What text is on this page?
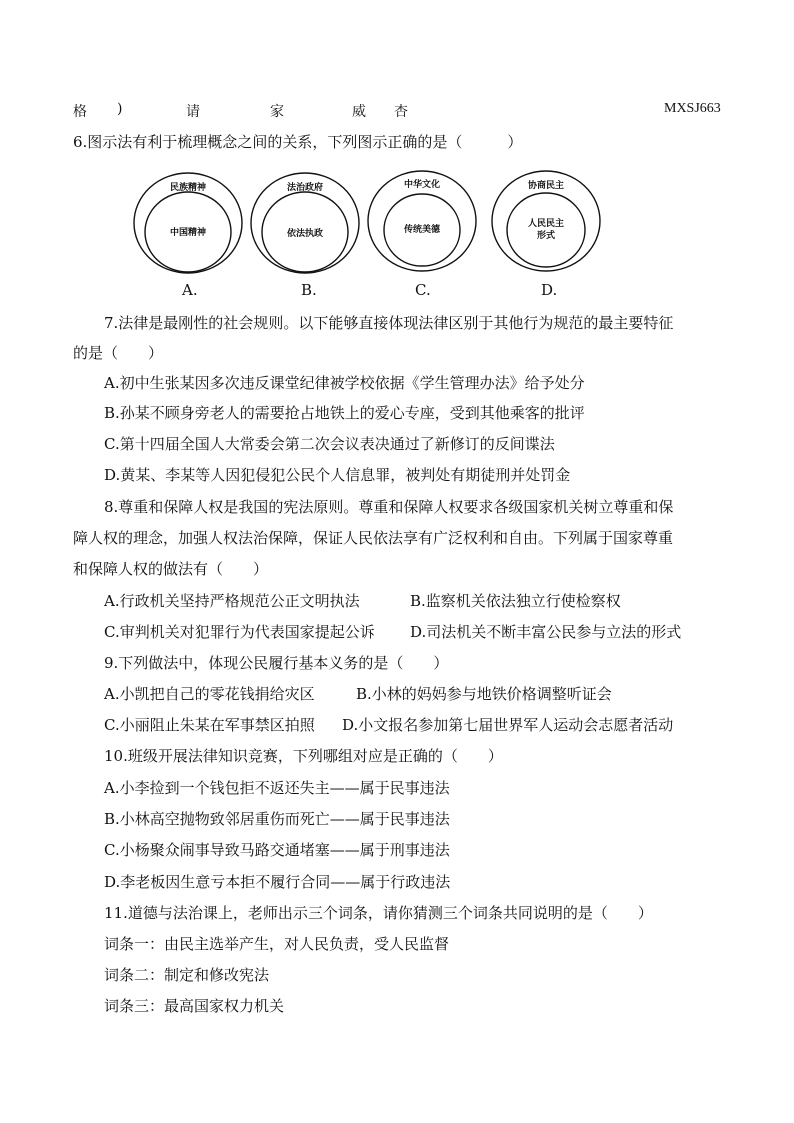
格 )	请	家	威 杏	MXSJ663
6.图示法有利于梳理概念之间的关系，下列图示正确的是（　　　）
民族精神
中国精神
法治政府
依法执政
中华文化
传统美德
协商民主
人民民主
形式
A.	B.	C.	D.
7.法律是最刚性的社会规则。以下能够直接体现法律区别于其他行为规范的最主要特征
的是（　　）
A.初中生张某因多次违反课堂纪律被学校依据《学生管理办法》给予处分
B.孙某不顾身旁老人的需要抢占地铁上的爱心专座，受到其他乘客的批评
C.第十四届全国人大常委会第二次会议表决通过了新修订的反间谍法
D.黄某、李某等人因犯侵犯公民个人信息罪，被判处有期徒刑并处罚金
8.尊重和保障人权是我国的宪法原则。尊重和保障人权要求各级国家机关树立尊重和保
障人权的理念，加强人权法治保障，保证人民依法享有广泛权利和自由。下列属于国家尊重
和保障人权的做法有（　　）
A.行政机关坚持严格规范公正文明执法	B.监察机关依法独立行使检察权
C.审判机关对犯罪行为代表国家提起公诉 D.司法机关不断丰富公民参与立法的形式
9.下列做法中，体现公民履行基本义务的是（　　）
A.小凯把自己的零花钱捐给灾区	B.小林的妈妈参与地铁价格调整听证会
C.小丽阻止朱某在军事禁区拍照 D.小文报名参加第七届世界军人运动会志愿者活动
10.班级开展法律知识竞赛，下列哪组对应是正确的（　　）
A.小李捡到一个钱包拒不返还失主——属于民事违法
B.小林高空抛物致邻居重伤而死亡——属于民事违法
C.小杨聚众闹事导致马路交通堵塞——属于刑事违法
D.李老板因生意亏本拒不履行合同——属于行政违法
11.道德与法治课上，老师出示三个词条，请你猜测三个词条共同说明的是（　　）
词条一：由民主选举产生，对人民负责，受人民监督
词条二：制定和修改宪法
词条三：最高国家权力机关
